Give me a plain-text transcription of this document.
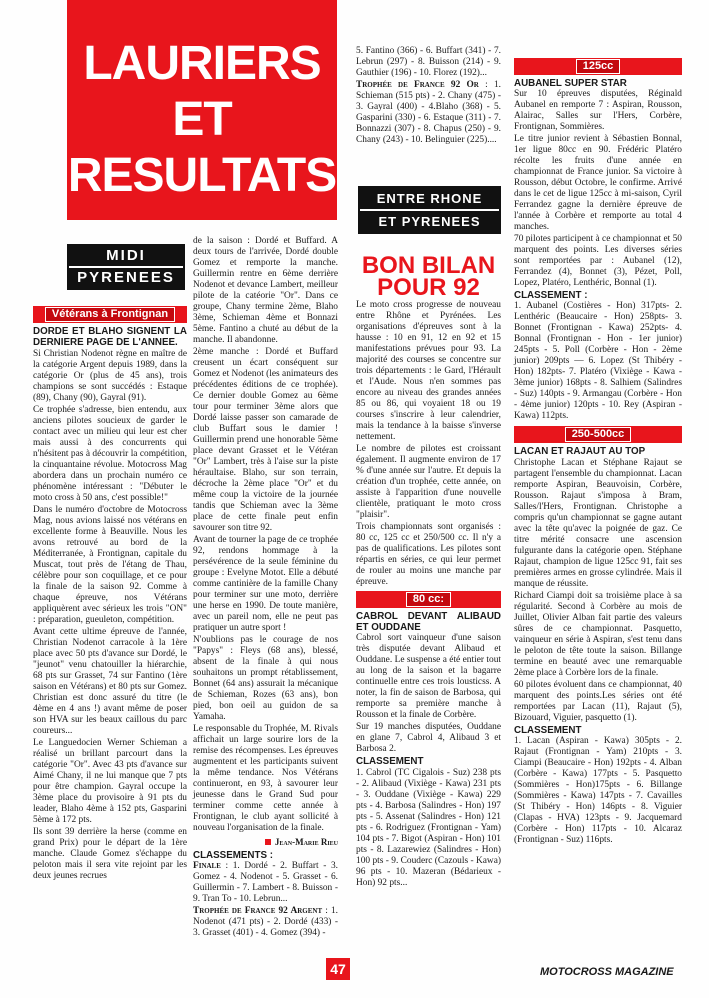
LAURIERS
ET
RESULTATS
MIDI
PYRENEES
Vétérans à Frontignan
DORDE ET BLAHO SIGNENT LA DERNIERE PAGE DE L'ANNEE.

Si Christian Nodenot règne en maître de la catégorie Argent depuis 1989, dans la catégorie Or (plus de 45 ans), trois champions se sont succédés : Estaque (89), Chany (90), Gayral (91).

Ce trophée s'adresse, bien entendu, aux anciens pilotes soucieux de garder le contact avec un milieu qui leur est cher mais aussi à des concurrents qui n'hésitent pas à découvrir la compétition, la cinquantaine révolue. Motocross Mag abordera dans un prochain numéro ce phénomène intéressant : "Débuter le moto cross à 50 ans, c'est possible!"

Dans le numéro d'octobre de Motocross Mag, nous avions laissé nos vétérans en excellente forme à Beauville. Nous les avons retrouvé au bord de la Méditerranée, à Frontignan, capitale du Muscat, tout près de l'étang de Thau, célèbre pour son coquillage, et ce pour la finale de la saison 92. Comme à chaque épreuve, nos Vétérans appliquèrent avec sérieux les trois "ON" : préparation, gueuleton, compétition.

Avant cette ultime épreuve de l'année, Christian Nodenot carracole à la 1ère place avec 50 pts d'avance sur Dordé, le "jeunot" venu chatouiller la hiérarchie, 68 pts sur Grasset, 74 sur Fantino (1ère saison en Vétérans) et 80 pts sur Gomez. Christian est donc assuré du titre (le 4ème en 4 ans !) avant même de poser son HVA sur les beaux caillous du parc coureurs...

Le Languedocien Werner Schieman a réalisé un brillant parcourt dans la catégorie "Or". Avec 43 pts d'avance sur Aimé Chany, il ne lui manque que 7 pts pour être champion. Gayral occupe la 3ème place du provisoire à 91 pts du leader, Blaho 4ème à 152 pts, Gasparini 5ème à 172 pts.

Ils sont 39 derrière la herse (comme en grand Prix) pour le départ de la 1ère manche. Claude Gomez s'échappe du peloton mais il sera vite rejoint par les deux jeunes recrues

de la saison : Dordé et Buffard. A deux tours de l'arrivée, Dordé double Gomez et remporte la manche. Guillermin rentre en 6ème derrière Nodenot et devance Lambert, meilleur pilote de la catéorie "Or". Dans ce groupe, Chany termine 2ème, Blaho 3ème, Schieman 4ème et Bonnazi 5ème. Fantino a chuté au début de la manche. Il abandonne.

2ème manche : Dordé et Buffard creusent un écart conséquent sur Gomez et Nodenot (les animateurs des précédentes éditions de ce trophée). Ce dernier double Gomez au 6ème tour pour terminer 3ème alors que Dordé laisse passer son camarade de club Buffart sous le damier ! Guillermin prend une honorable 5ème place devant Grasset et le Vétéran "Or" Lambert, très à l'aise sur la piste héraultaise. Blaho, sur son terrain, décroche la 2ème place "Or" et du même coup la victoire de la journée tandis que Schieman avec la 3ème place de cette finale peut enfin savourer son titre 92.

Avant de tourner la page de ce trophée 92, rendons hommage à la persévérence de la seule féminine du groupe : Evelyne Motot. Elle a débuté comme cantinière de la famille Chany pour terminer sur une moto, derrière une herse en 1990. De toute manière, avec un pareil nom, elle ne peut pas pratiquer un autre sport !

N'oublions pas le courage de nos "Papys" : Fleys (68 ans), blessé, absent de la finale à qui nous souhaitons un prompt rétablissement, Bonnet (64 ans) assurait la mécanique de Schieman, Rozes (63 ans), bon pied, bon oeil au guidon de sa Yamaha.

Le responsable du Trophée, M. Rivals affichait un large sourire lors de la remise des récompenses. Les épreuves augmentent et les participants suivent la même tendance. Nos Vétérans continueront, en 93, à savourer leur jeunesse dans le Grand Sud pour terminer comme cette année à Frontignan, le club ayant sollicité à nouveau l'organisation de la finale.

Jean-Marie Rieu
CLASSEMENTS :

Finale : 1. Dordé - 2. Buffart - 3. Gomez - 4. Nodenot - 5. Grasset - 6. Guillermin - 7. Lambert - 8. Buisson - 9. Tran To - 10. Lebrun...

Trophée de France 92 Argent : 1. Nodenot (471 pts) - 2. Dordé (433) - 3. Grasset (401) - 4. Gomez (394) -

5. Fantino (366) - 6. Buffart (341) - 7. Lebrun (297) - 8. Buisson (214) - 9. Gauthier (196) - 10. Florez (192)...

Trophée de France 92 Or : 1. Schieman (515 pts) - 2. Chany (475) - 3. Gayral (400) - 4.Blaho (368) - 5. Gasparini (330) - 6. Estaque (311) - 7. Bonnazzi (307) - 8. Chapus (250) - 9. Chany (243) - 10. Belinguier (225)....

ENTRE RHONE
ET PYRENEES
BON BILAN
POUR 92

Le moto cross progresse de nouveau entre Rhône et Pyrénées. Les organisations d'épreuves sont à la hausse : 10 en 91, 12 en 92 et 15 manifestations prévues pour 93. La majorité des courses se concentre sur trois départements : le Gard, l'Hérault et l'Aude. Nous n'en sommes pas encore au niveau des grandes années 85 ou 86, qui voyaient 18 ou 19 courses s'inscrire à leur calendrier, mais la tendance à la baisse s'inverse nettement.

Le nombre de pilotes est croissant également. Il augmente environ de 17 % d'une année sur l'autre. Et depuis la création d'un trophée, cette année, on assiste à l'apparition d'une nouvelle clientèle, pratiquant le moto cross "plaisir".

Trois championnats sont organisés : 80 cc, 125 cc et 250/500 cc. Il n'y a pas de qualifications. Les pilotes sont répartis en séries, ce qui leur permet de rouler au moins une manche par épreuve.

80 cc:
CABROL DEVANT ALIBAUD ET OUDDANE

Cabrol sort vainqueur d'une saison très disputée devant Alibaud et Ouddane. Le suspense a été entier tout au long de la saison et la bagarre continuelle entre ces trois lousticss. A noter, la fin de saison de Barbosa, qui remporte sa première manche à Rousson et la finale de Corbère.

Sur 19 manches disputées, Ouddane en glane 7, Cabrol 4, Alibaud 3 et Barbosa 2.

CLASSEMENT

1. Cabrol (TC Cigalois - Suz) 238 pts - 2. Alibaud (Vixiège - Kawa) 231 pts - 3. Ouddane (Vixiège - Kawa) 229 pts - 4. Barbosa (Salindres - Hon) 197 pts - 5. Assenat (Salindres - Hon) 121 pts - 6. Rodriguez (Frontignan - Yam) 104 pts - 7. Bigot (Aspiran - Hon) 101 pts - 8. Lazarewiez (Salindres - Hon) 100 pts - 9. Couderc (Cazouls - Kawa) 96 pts - 10. Mazeran (Bédarieux - Hon) 92 pts...

125cc
AUBANEL SUPER STAR

Sur 10 épreuves disputées, Réginald Aubanel en remporte 7 : Aspiran, Rousson, Alairac, Salles sur l'Hers, Corbère, Frontignan, Sommières.

Le titre junior revient à Sébastien Bonnal, 1er ligue 80cc en 90. Frédéric Platéro récolte les fruits d'une année en championnat de France junior. Sa victoire à Rousson, début Octobre, le confirme. Arrivé dans le cet de ligue 125cc à mi-saison, Cyril Ferrandez gagne la dernière épreuve de l'année à Corbère et remporte au total 4 manches.

70 pilotes participent à ce championnat et 50 marquent des points. Les diverses séries sont remportées par : Aubanel (12), Ferrandez (4), Bonnet (3), Pézet, Poll, Lopez, Platéro, Lenthéric, Bonnal (1).

CLASSEMENT :

1. Aubanel (Costières - Hon) 317pts- 2. Lenthéric (Beaucaire - Hon) 258pts- 3. Bonnet (Frontignan - Kawa) 252pts- 4. Bonnal (Frontignan - Hon - 1er junior) 245pts - 5. Poll (Corbère - Hon - 2ème junior) 209pts — 6. Lopez (St Thibéry - Hon) 182pts- 7. Platéro (Vixiège - Kawa - 3ème junior) 168pts - 8. Salhiem (Salindres - Suz) 140pts - 9. Armangau (Corbère - Hon - 4ème junior) 120pts - 10. Rey (Aspiran - Kawa) 112pts.

250-500cc
LACAN ET RAJAUT AU TOP

Christophe Lacan et Stéphane Rajaut se partagent l'ensemble du championnat. Lacan remporte Aspiran, Beauvoisin, Corbère, Rousson. Rajaut s'imposa à Bram, Salles/l'Hers, Frontignan. Christophe a compris qu'un championnat se gagne autant avec la tête qu'avec la poignée de gaz. Ce titre mérité consacre une ascension fulgurante dans la catégorie open. Stéphane Rajaut, champion de ligue 125cc 91, fait ses premières armes en grosse cylindrée. Mais il manque de réussite.

Richard Ciampi doit sa troisième place à sa régularité. Second à Corbère au mois de Juillet, Olivier Alban fait partie des valeurs sûres de ce championnat. Pasquetto, vainqueur en série à Aspiran, s'est tenu dans le peloton de tête toute la saison. Billange termine en beauté avec une remarquable 2ème place à Corbère lors de la finale.

60 pilotes évoluent dans ce championnat, 40 marquent des points.Les séries ont été remportées par Lacan (11), Rajaut (5), Bizouard, Viguier, pasquetto (1).

CLASSEMENT

1. Lacan (Aspiran - Kawa) 305pts - 2. Rajaut (Frontignan - Yam) 210pts - 3. Ciampi (Beaucaire - Hon) 192pts - 4. Alban (Corbère - Kawa) 177pts - 5. Pasquetto (Sommières - Hon)175pts - 6. Billange (Sommières - Kawa) 147pts - 7. Cavailles (St Thibéry - Hon) 146pts - 8. Viguier (Clapas - HVA) 123pts - 9. Jacquemard (Corbère - Hon) 117pts - 10. Alcaraz (Frontignan - Suz) 116pts.

47	MOTOCROSS MAGAZINE
